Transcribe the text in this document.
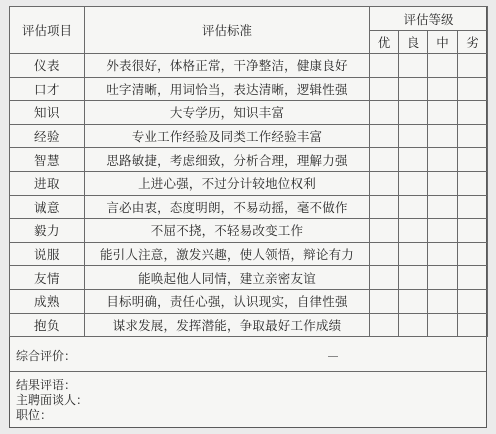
评估项目	评估标准	评估等级			
		优	良	中	劣
仪表	外表很好，体格正常，干净整洁，健康良好				
口才	吐字清晰，用词恰当，表达清晰，逻辑性强				
知识	大专学历，知识丰富				
经验	专业工作经验及同类工作经验丰富				
智慧	思路敏捷，考虑细致，分析合理，理解力强				
进取	上进心强，不过分计较地位权利				
诚意	言必由衷，态度明朗，不易动摇，毫不做作				
毅力	不屈不挠，不轻易改变工作				
说服	能引人注意，激发兴趣，使人领悟，辩论有力				
友情	能唤起他人同情，建立亲密友谊				
成熟	目标明确，责任心强，认识现实，自律性强				
抱负	谋求发展，发挥潜能，争取最好工作成绩				
综合评价：
结果评语：
主聘面谈人：
职位：
